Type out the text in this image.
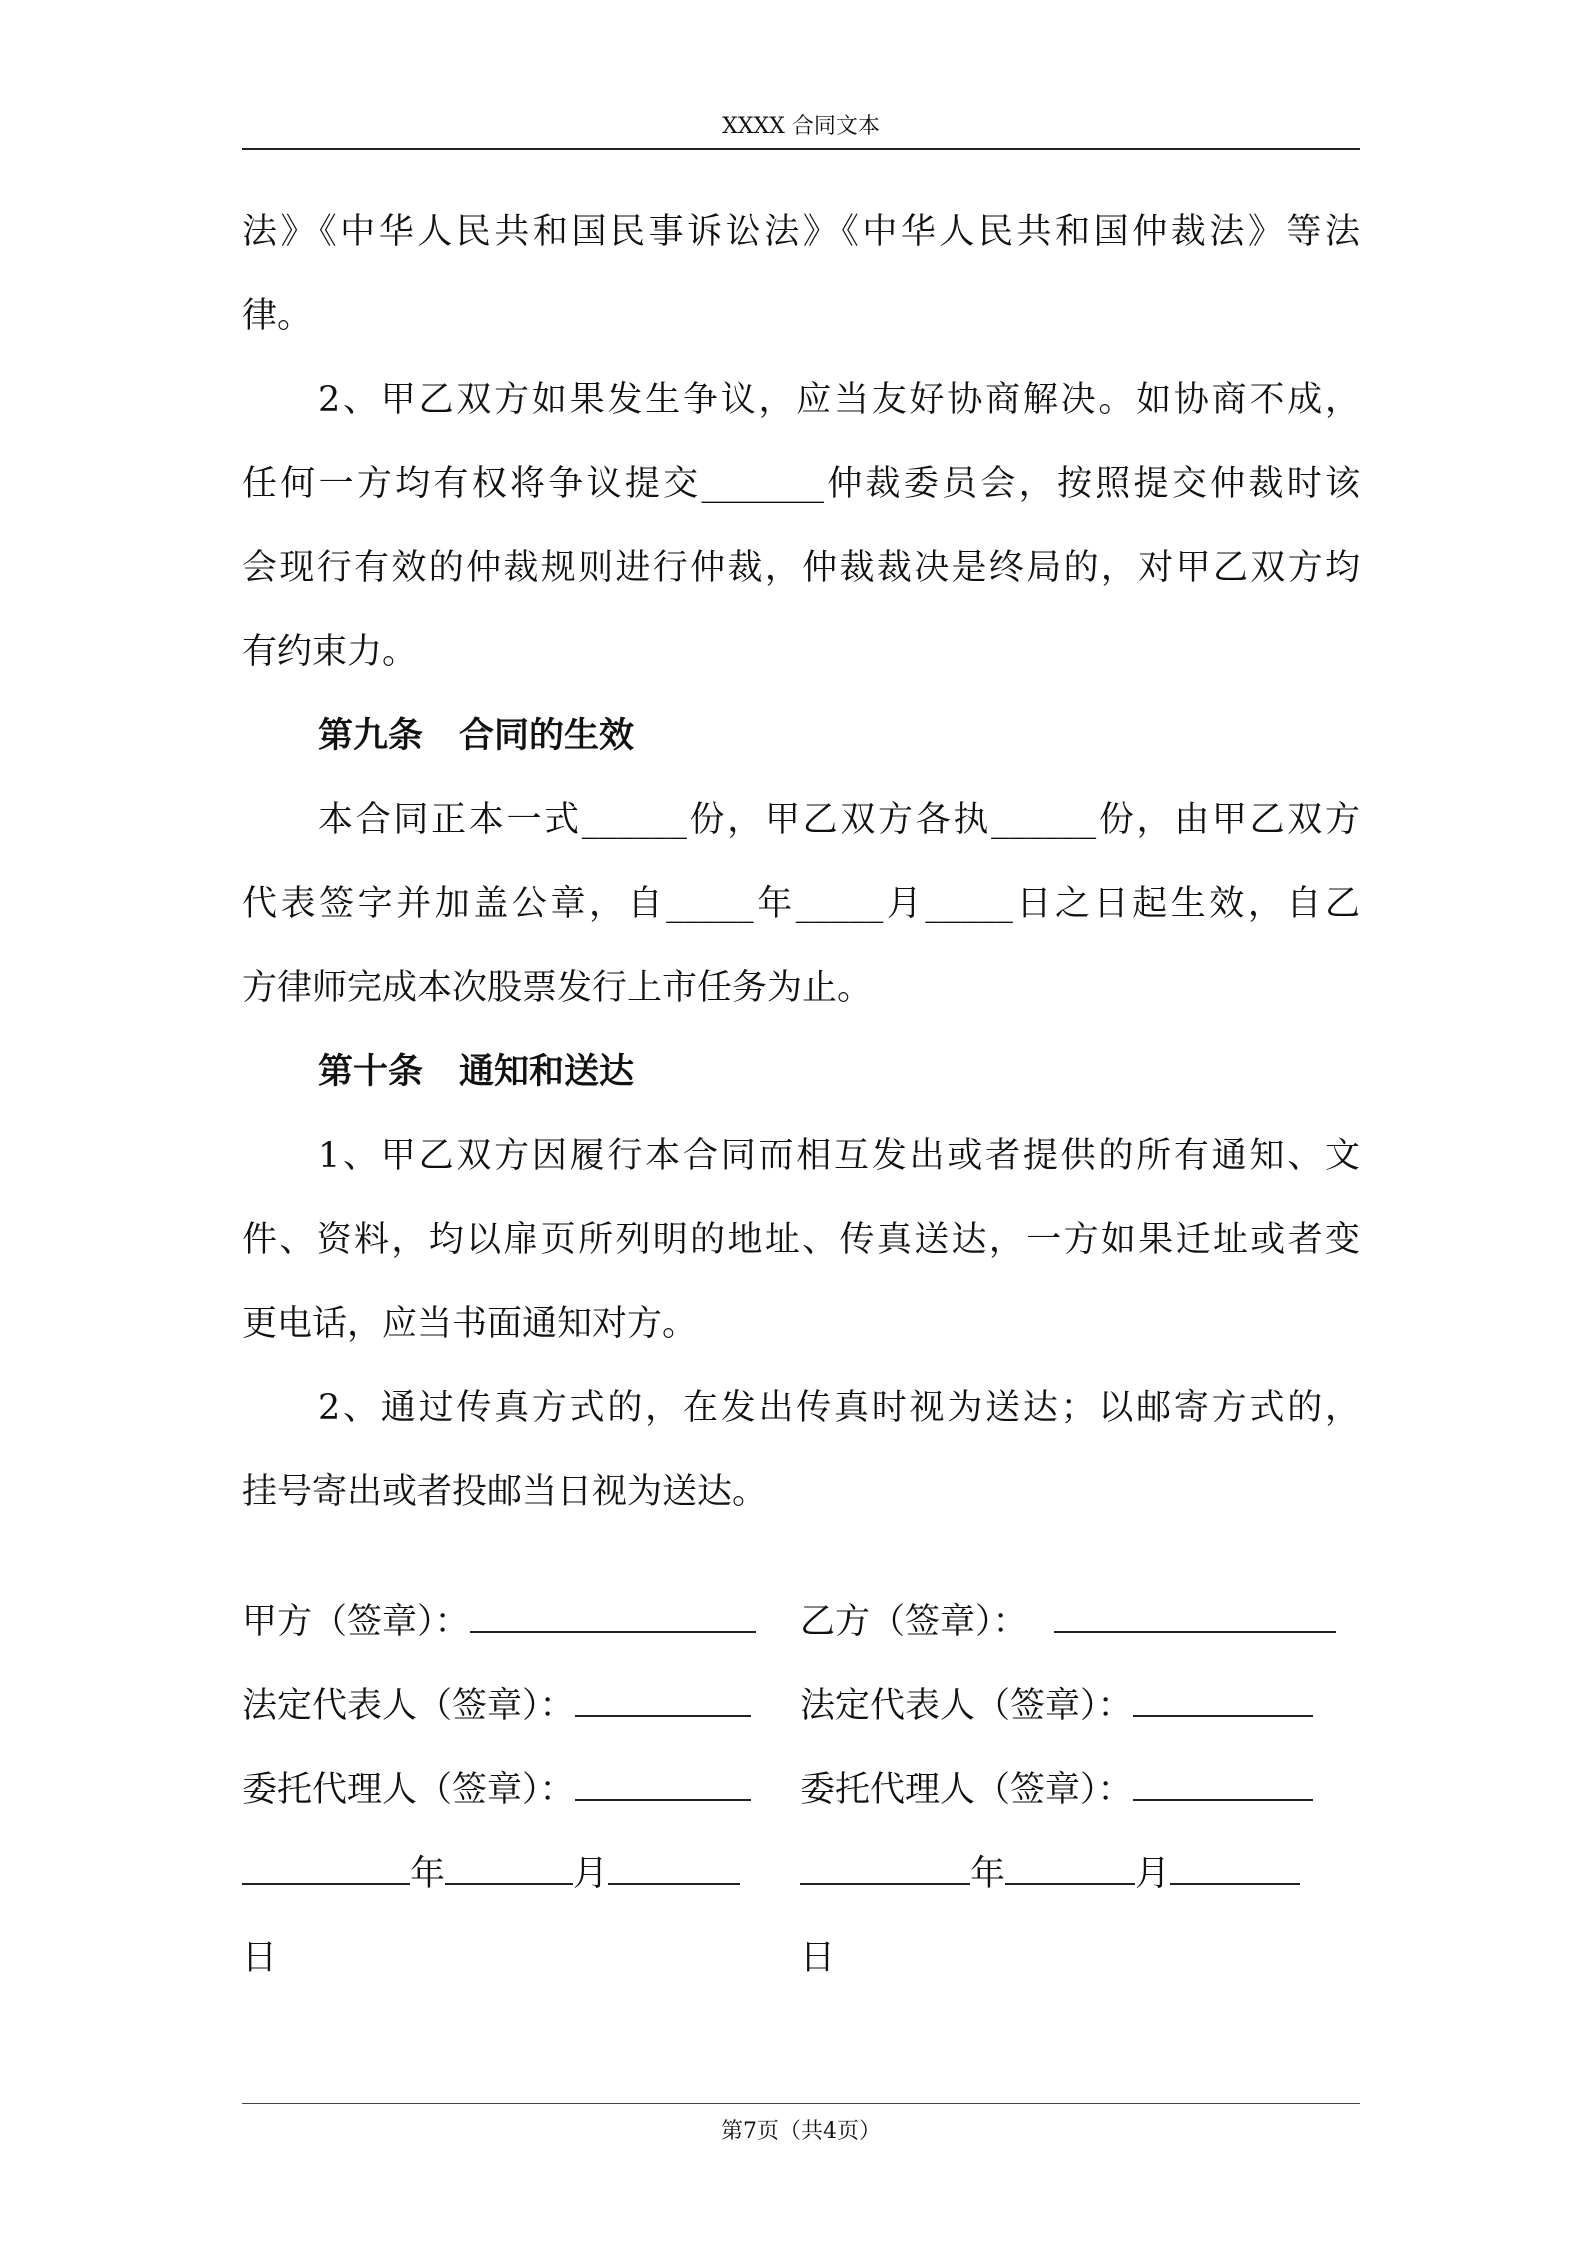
XXXX 合同文本
法》《中华人民共和国民事诉讼法》《中华人民共和国仲裁法》等法
律。
2、甲乙双方如果发生争议，应当友好协商解决。如协商不成，
任何一方均有权将争议提交_______仲裁委员会，按照提交仲裁时该
会现行有效的仲裁规则进行仲裁，仲裁裁决是终局的，对甲乙双方均
有约束力。
第九条 合同的生效
本合同正本一式______份，甲乙双方各执______份，由甲乙双方
代表签字并加盖公章，自_____年_____月_____日之日起生效，自乙
方律师完成本次股票发行上市任务为止。
第十条 通知和送达
1、甲乙双方因履行本合同而相互发出或者提供的所有通知、文
件、资料，均以扉页所列明的地址、传真送达，一方如果迁址或者变
更电话，应当书面通知对方。
2、通过传真方式的，在发出传真时视为送达；以邮寄方式的，
挂号寄出或者投邮当日视为送达。
甲方（签章）：
法定代表人（签章）：
委托代理人（签章）：
年	月
日
乙方（签章）：
法定代表人（签章）：
委托代理人（签章）：
年	月
日
第7页（共4页）
